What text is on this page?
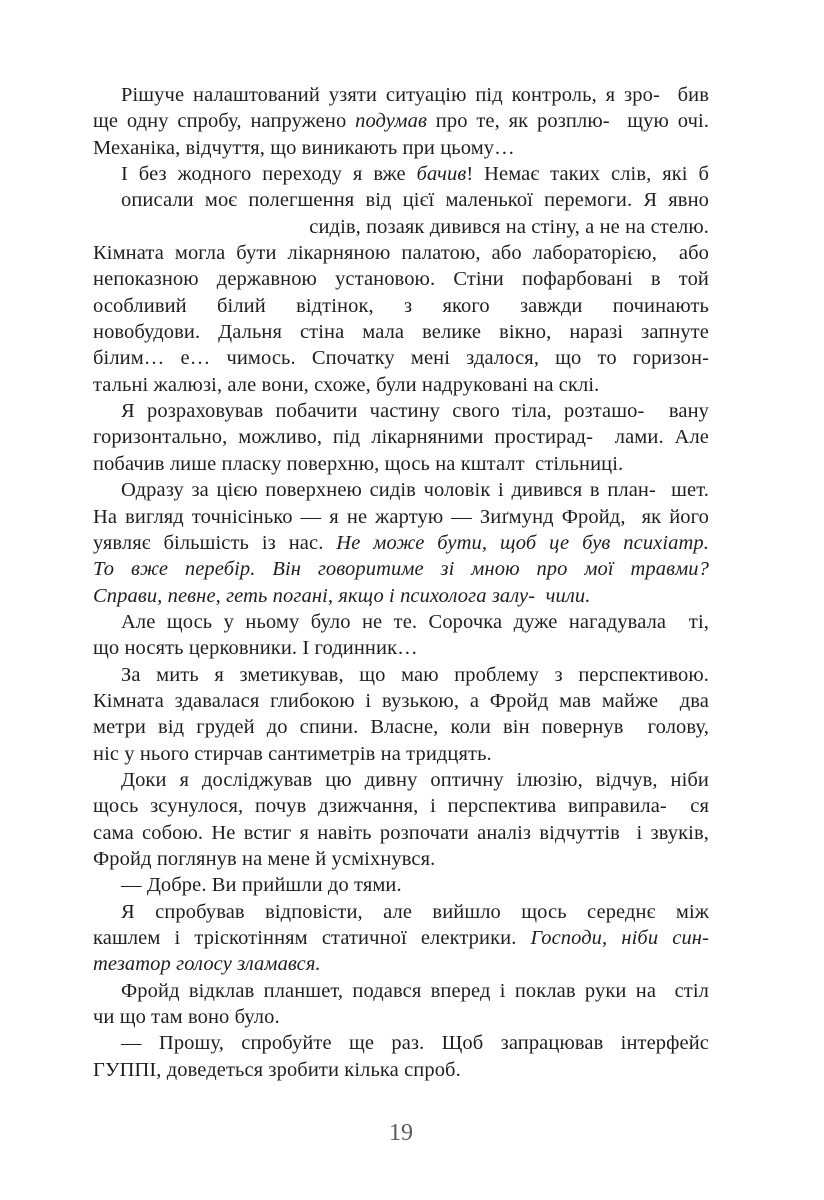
Рішуче налаштований узяти ситуацію під контроль, я зро-  бив
ще одну спробу, напружено подумав про те, як розплю-  щую очі.
Механіка, відчуття, що виникають при цьому…
І без жодного переходу я вже бачив! Немає таких слів, які б
описали моє полегшення від цієї маленької перемоги. Я явно
сидів, позаяк дивився на стіну, а не на стелю.
Кімната могла бути лікарняною палатою, або лабораторією,  або
непоказною державною установою. Стіни пофарбовані в той
особливий білий відтінок, з якого завжди починають
новобудови. Дальня стіна мала велике вікно, наразі запнуте
білим… е… чимось. Спочатку мені здалося, що то горизон-
тальні жалюзі, але вони, схоже, були надруковані на склі.
Я розраховував побачити частину свого тіла, розташо-  вану
горизонтально, можливо, під лікарняними простирад-  лами. Але
побачив лише пласку поверхню, щось на кшталт  стільниці.
Одразу за цією поверхнею сидів чоловік і дивився в план-  шет.
На вигляд точнісінько — я не жартую — Зиґмунд Фройд,  як його
уявляє більшість із нас. Не може бути, щоб це був психіатр.
То вже перебір. Він говоритиме зі мною про мої травми?
Справи, певне, геть погані, якщо і психолога залу-  чили.
Але щось у ньому було не те. Сорочка дуже нагадувала  ті,
що носять церковники. І годинник…
За мить я зметикував, що маю проблему з перспективою.
Кімната здавалася глибокою і вузькою, а Фройд мав майже  два
метри від грудей до спини. Власне, коли він повернув  голову,
ніс у нього стирчав сантиметрів на тридцять.
Доки я досліджував цю дивну оптичну ілюзію, відчув, ніби
щось зсунулося, почув дзижчання, і перспектива виправила-  ся
сама собою. Не встиг я навіть розпочати аналіз відчуттів  і звуків,
Фройд поглянув на мене й усміхнувся.
— Добре. Ви прийшли до тями.
Я спробував відповісти, але вийшло щось середнє між
кашлем і тріскотінням статичної електрики. Господи, ніби син-
тезатор голосу зламався.
Фройд відклав планшет, подався вперед і поклав руки на  стіл
чи що там воно було.
— Прошу, спробуйте ще раз. Щоб запрацював інтерфейс
ГУППІ, доведеться зробити кілька спроб.
19
